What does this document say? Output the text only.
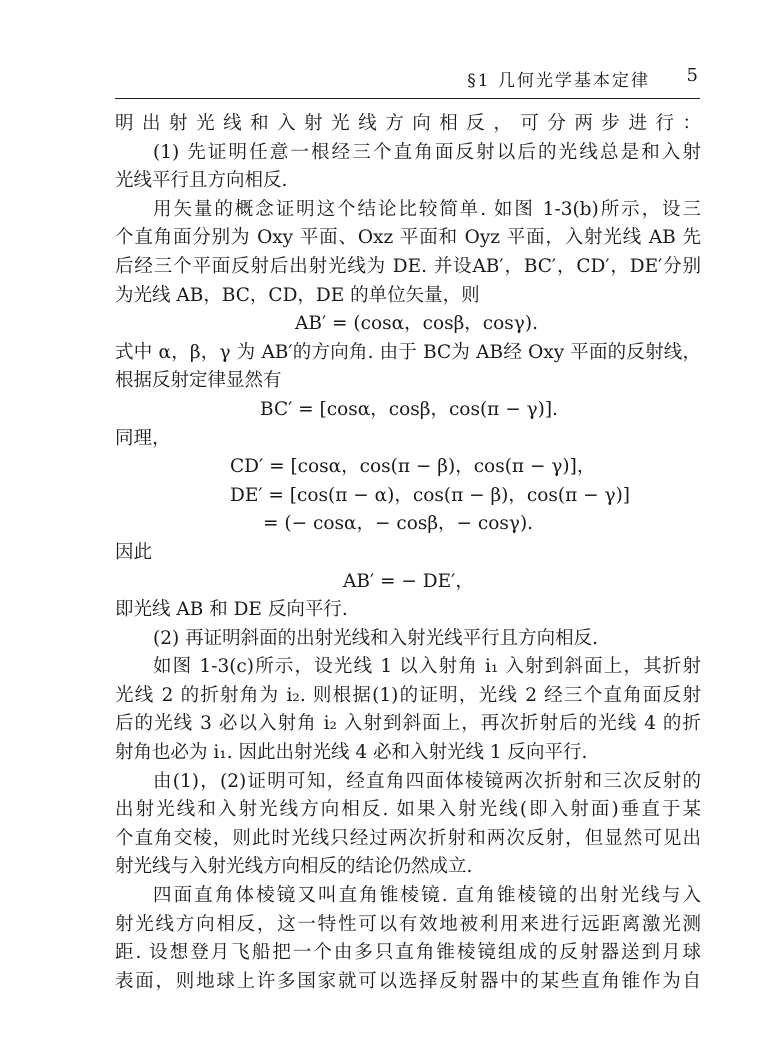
§1 几何光学基本定律 5
明出射光线和入射光线方向相反，可分两步进行：
(1) 先证明任意一根经三个直角面反射以后的光线总是和入射
光线平行且方向相反.
用矢量的概念证明这个结论比较简单. 如图 1-3(b)所示，设三
个直角面分别为 Oxy 平面、Oxz 平面和 Oyz 平面，入射光线 AB 先
后经三个平面反射后出射光线为 DE. 并设AB′，BC′，CD′，DE′分别
为光线 AB，BC，CD，DE 的单位矢量，则
AB′ = (cosα，cosβ，cosγ).
式中 α，β，γ 为 AB′的方向角. 由于 BC为 AB经 Oxy 平面的反射线，
根据反射定律显然有
BC′ = [cosα，cosβ，cos(π − γ)].
同理，
CD′ = [cosα，cos(π − β)，cos(π − γ)]，
DE′ = [cos(π − α)，cos(π − β)，cos(π − γ)]
= (− cosα，− cosβ，− cosγ).
因此
AB′ = − DE′，
即光线 AB 和 DE 反向平行.
(2) 再证明斜面的出射光线和入射光线平行且方向相反.
如图 1-3(c)所示，设光线 1 以入射角 i₁ 入射到斜面上，其折射
光线 2 的折射角为 i₂. 则根据(1)的证明，光线 2 经三个直角面反射
后的光线 3 必以入射角 i₂ 入射到斜面上，再次折射后的光线 4 的折
射角也必为 i₁. 因此出射光线 4 必和入射光线 1 反向平行.
由(1)，(2)证明可知，经直角四面体棱镜两次折射和三次反射的
出射光线和入射光线方向相反. 如果入射光线(即入射面)垂直于某
个直角交棱，则此时光线只经过两次折射和两次反射，但显然可见出
射光线与入射光线方向相反的结论仍然成立.
四面直角体棱镜又叫直角锥棱镜. 直角锥棱镜的出射光线与入
射光线方向相反，这一特性可以有效地被利用来进行远距离激光测
距. 设想登月飞船把一个由多只直角锥棱镜组成的反射器送到月球
表面，则地球上许多国家就可以选择反射器中的某些直角锥作为自
